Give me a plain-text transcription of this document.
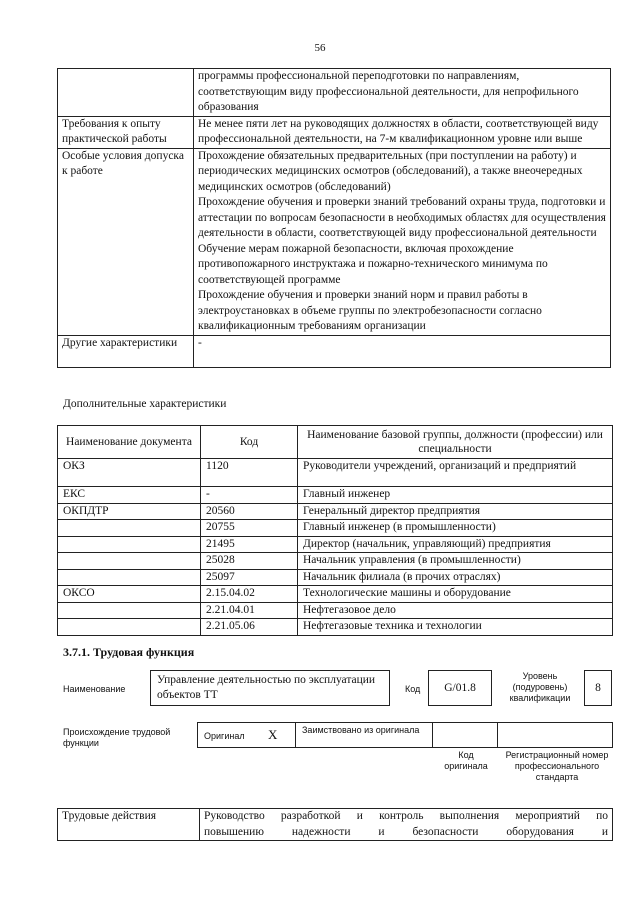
56

	программы профессиональной переподготовки по направлениям, соответствующим виду профессиональной деятельности, для непрофильного образования

Требования к опыту практической работы	Не менее пяти лет на руководящих должностях в области, соответствующей виду профессиональной деятельности, на 7-м квалификационном уровне или выше

Особые условия допуска к работе	Прохождение обязательных предварительных (при поступлении на работу) и периодических медицинских осмотров (обследований), а также внеочередных медицинских осмотров (обследований)

Прохождение обучения и проверки знаний требований охраны труда, подготовки и аттестации по вопросам безопасности в необходимых областях для осуществления деятельности в области, соответствующей виду профессиональной деятельности

Обучение мерам пожарной безопасности, включая прохождение противопожарного инструктажа и пожарно-технического минимума по соответствующей программе

Прохождение обучения и проверки знаний норм и правил работы в электроустановках в объеме группы по электробезопасности согласно квалификационным требованиям организации

Другие характеристики	-

Дополнительные характеристики
Наименование документа	Код	Наименование базовой группы, должности (профессии) или специальности
ОКЗ	1120	Руководители учреждений, организаций и предприятий
ЕКС	-	Главный инженер
ОКПДТР	20560	Генеральный директор предприятия
	20755	Главный инженер (в промышленности)
	21495	Директор (начальник, управляющий) предприятия
	25028	Начальник управления (в промышленности)
	25097	Начальник филиала (в прочих отраслях)
ОКСО	2.15.04.02	Технологические машины и оборудование
	2.21.04.01	Нефтегазовое дело
	2.21.05.06	Нефтегазовые техника и технологии
3.7.1. Трудовая функция
Наименование
Управление деятельностью по эксплуатации объектов ТТ	Код	G/01.8
Уровень (подуровень) квалификации
8
Происхождение трудовой функции
Оригинал X	Заимствовано из оригинала
Код оригинала
Регистрационный номер профессионального стандарта
Трудовые действия	Руководство разработкой и контроль выполнения мероприятий по
повышению надежности и безопасности оборудования и
